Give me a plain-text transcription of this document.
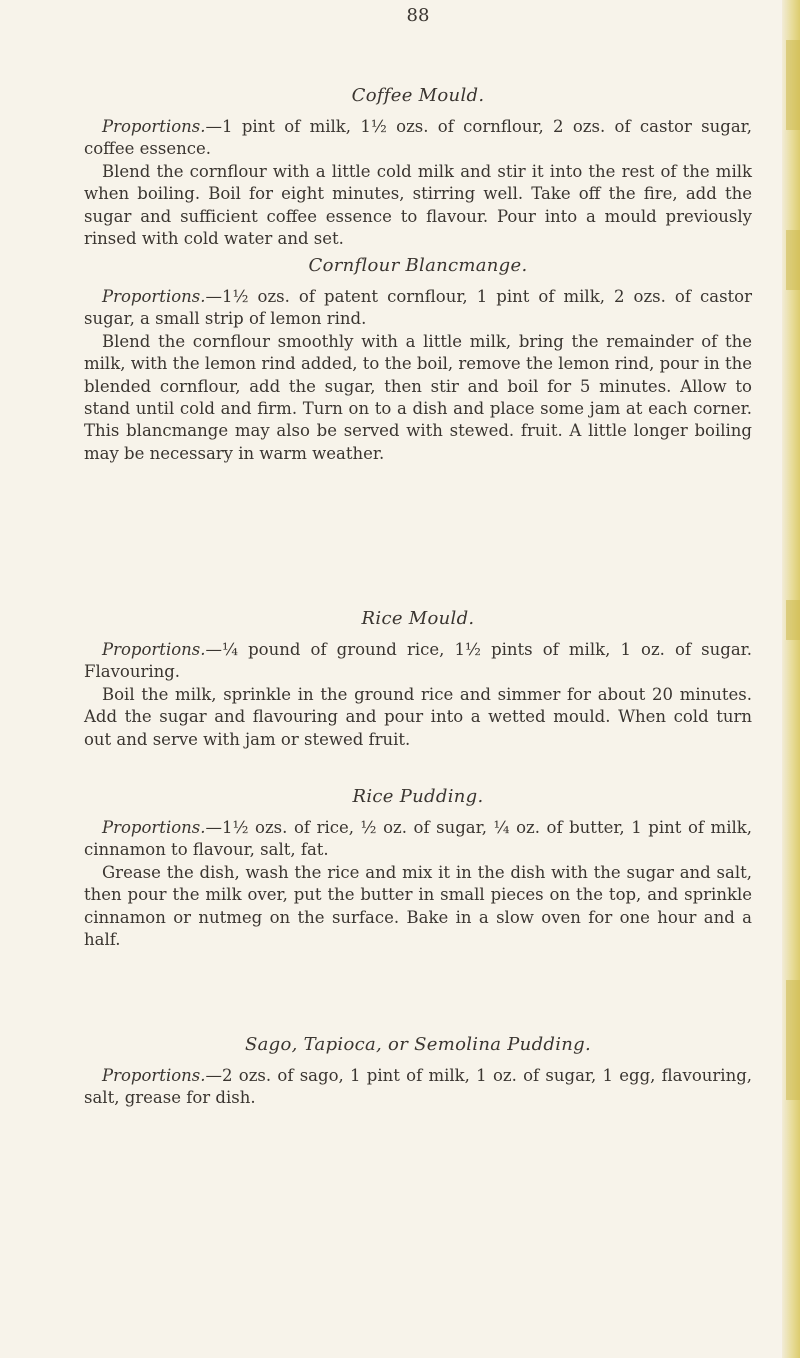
88
Coffee Mould.

Proportions.—1 pint of milk, 1½ ozs. of cornflour, 2 ozs. of castor sugar, coffee essence.

Blend the cornflour with a little cold milk and stir it into the rest of the milk when boiling. Boil for eight minutes, stirring well. Take off the fire, add the sugar and sufficient coffee essence to flavour. Pour into a mould previously rinsed with cold water and set.

Cornflour Blancmange.

Proportions.—1½ ozs. of patent cornflour, 1 pint of milk, 2 ozs. of castor sugar, a small strip of lemon rind.

Blend the cornflour smoothly with a little milk, bring the remainder of the milk, with the lemon rind added, to the boil, remove the lemon rind, pour in the blended cornflour, add the sugar, then stir and boil for 5 minutes. Allow to stand until cold and firm. Turn on to a dish and place some jam at each corner. This blancmange may also be served with stewed. fruit. A little longer boiling may be necessary in warm weather.

Rice Mould.

Proportions.—¼ pound of ground rice, 1½ pints of milk, 1 oz. of sugar. Flavouring.

Boil the milk, sprinkle in the ground rice and simmer for about 20 minutes. Add the sugar and flavouring and pour into a wetted mould. When cold turn out and serve with jam or stewed fruit.

Rice Pudding.

Proportions.—1½ ozs. of rice, ½ oz. of sugar, ¼ oz. of butter, 1 pint of milk, cinnamon to flavour, salt, fat.

Grease the dish, wash the rice and mix it in the dish with the sugar and salt, then pour the milk over, put the butter in small pieces on the top, and sprinkle cinnamon or nutmeg on the surface. Bake in a slow oven for one hour and a half.

Sago, Tapioca, or Semolina Pudding.

Proportions.—2 ozs. of sago, 1 pint of milk, 1 oz. of sugar, 1 egg, flavouring, salt, grease for dish.
